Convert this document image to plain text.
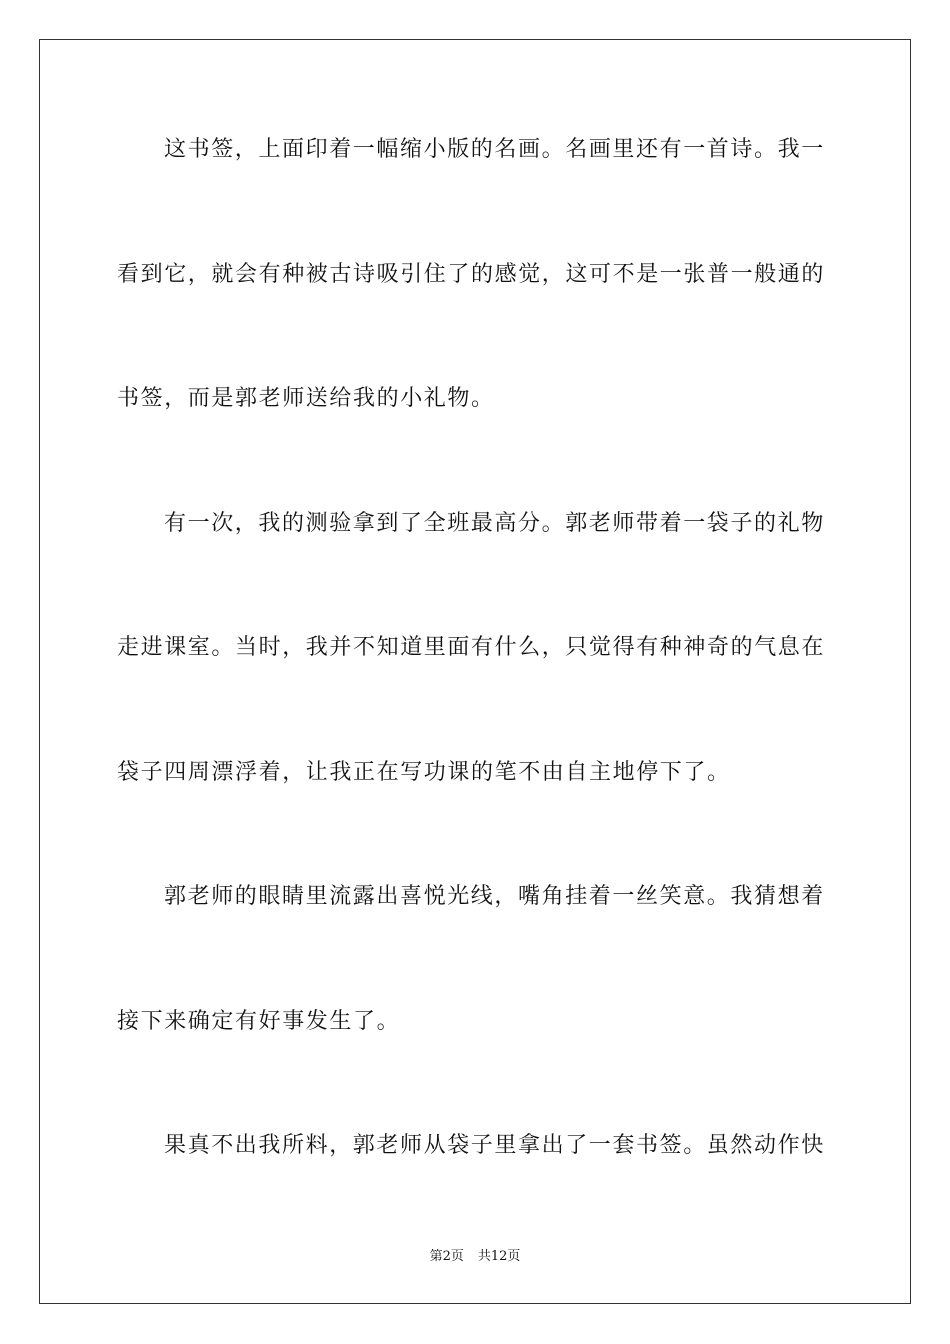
这书签，上面印着一幅缩小版的名画。名画里还有一首诗。我一
看到它，就会有种被古诗吸引住了的感觉，这可不是一张普一般通的
书签，而是郭老师送给我的小礼物。
有一次，我的测验拿到了全班最高分。郭老师带着一袋子的礼物
走进课室。当时，我并不知道里面有什么，只觉得有种神奇的气息在
袋子四周漂浮着，让我正在写功课的笔不由自主地停下了。
郭老师的眼睛里流露出喜悦光线，嘴角挂着一丝笑意。我猜想着
接下来确定有好事发生了。
果真不出我所料，郭老师从袋子里拿出了一套书签。虽然动作快
第2页 共12页
